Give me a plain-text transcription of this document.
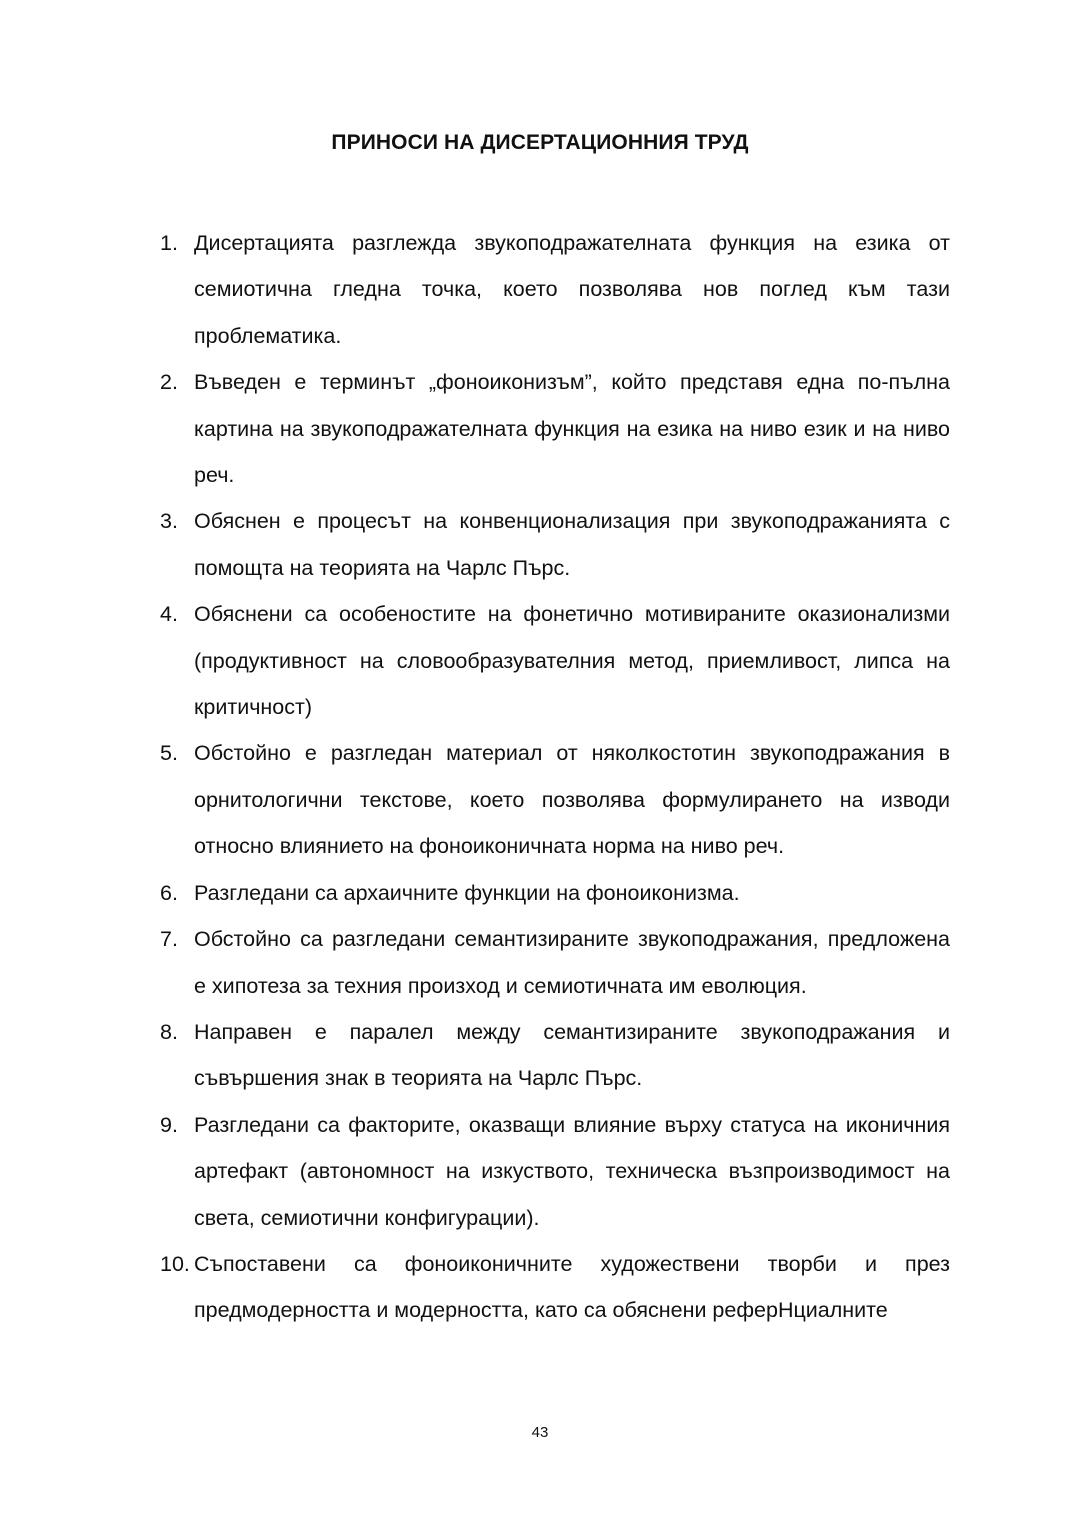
ПРИНОСИ НА ДИСЕРТАЦИОННИЯ ТРУД
1. Дисертацията разглежда звукоподражателната функция на езика от семиотична гледна точка, което позволява нов поглед към тази проблематика.
2. Въведен е терминът „фоноиконизъм”, който представя една по-пълна картина на звукоподражателната функция на езика на ниво език и на ниво реч.
3. Обяснен е процесът на конвенционализация при звукоподражанията с помощта на теорията на Чарлс Пърс.
4. Обяснени са особеностите на фонетично мотивираните оказионализми (продуктивност на словообразувателния метод, приемливост, липса на критичност)
5. Обстойно е разгледан материал от няколкостотин звукоподражания в орнитологични текстове, което позволява формулирането на изводи относно влиянието на фоноиконичната норма на ниво реч.
6. Разгледани са архаичните функции на фоноиконизма.
7. Обстойно са разгледани семантизираните звукоподражания, предложена е хипотеза за техния произход и семиотичната им еволюция.
8. Направен е паралел между семантизираните звукоподражания и съвършения знак в теорията на Чарлс Пърс.
9. Разгледани са факторите, оказващи влияние върху статуса на иконичния артефакт (автономност на изкуството, техническа възпроизводимост на света, семиотични конфигурации).
10. Съпоставени са фоноиконичните художествени творби и през предмодерността и модерността, като са обяснени реферНциалните
43
